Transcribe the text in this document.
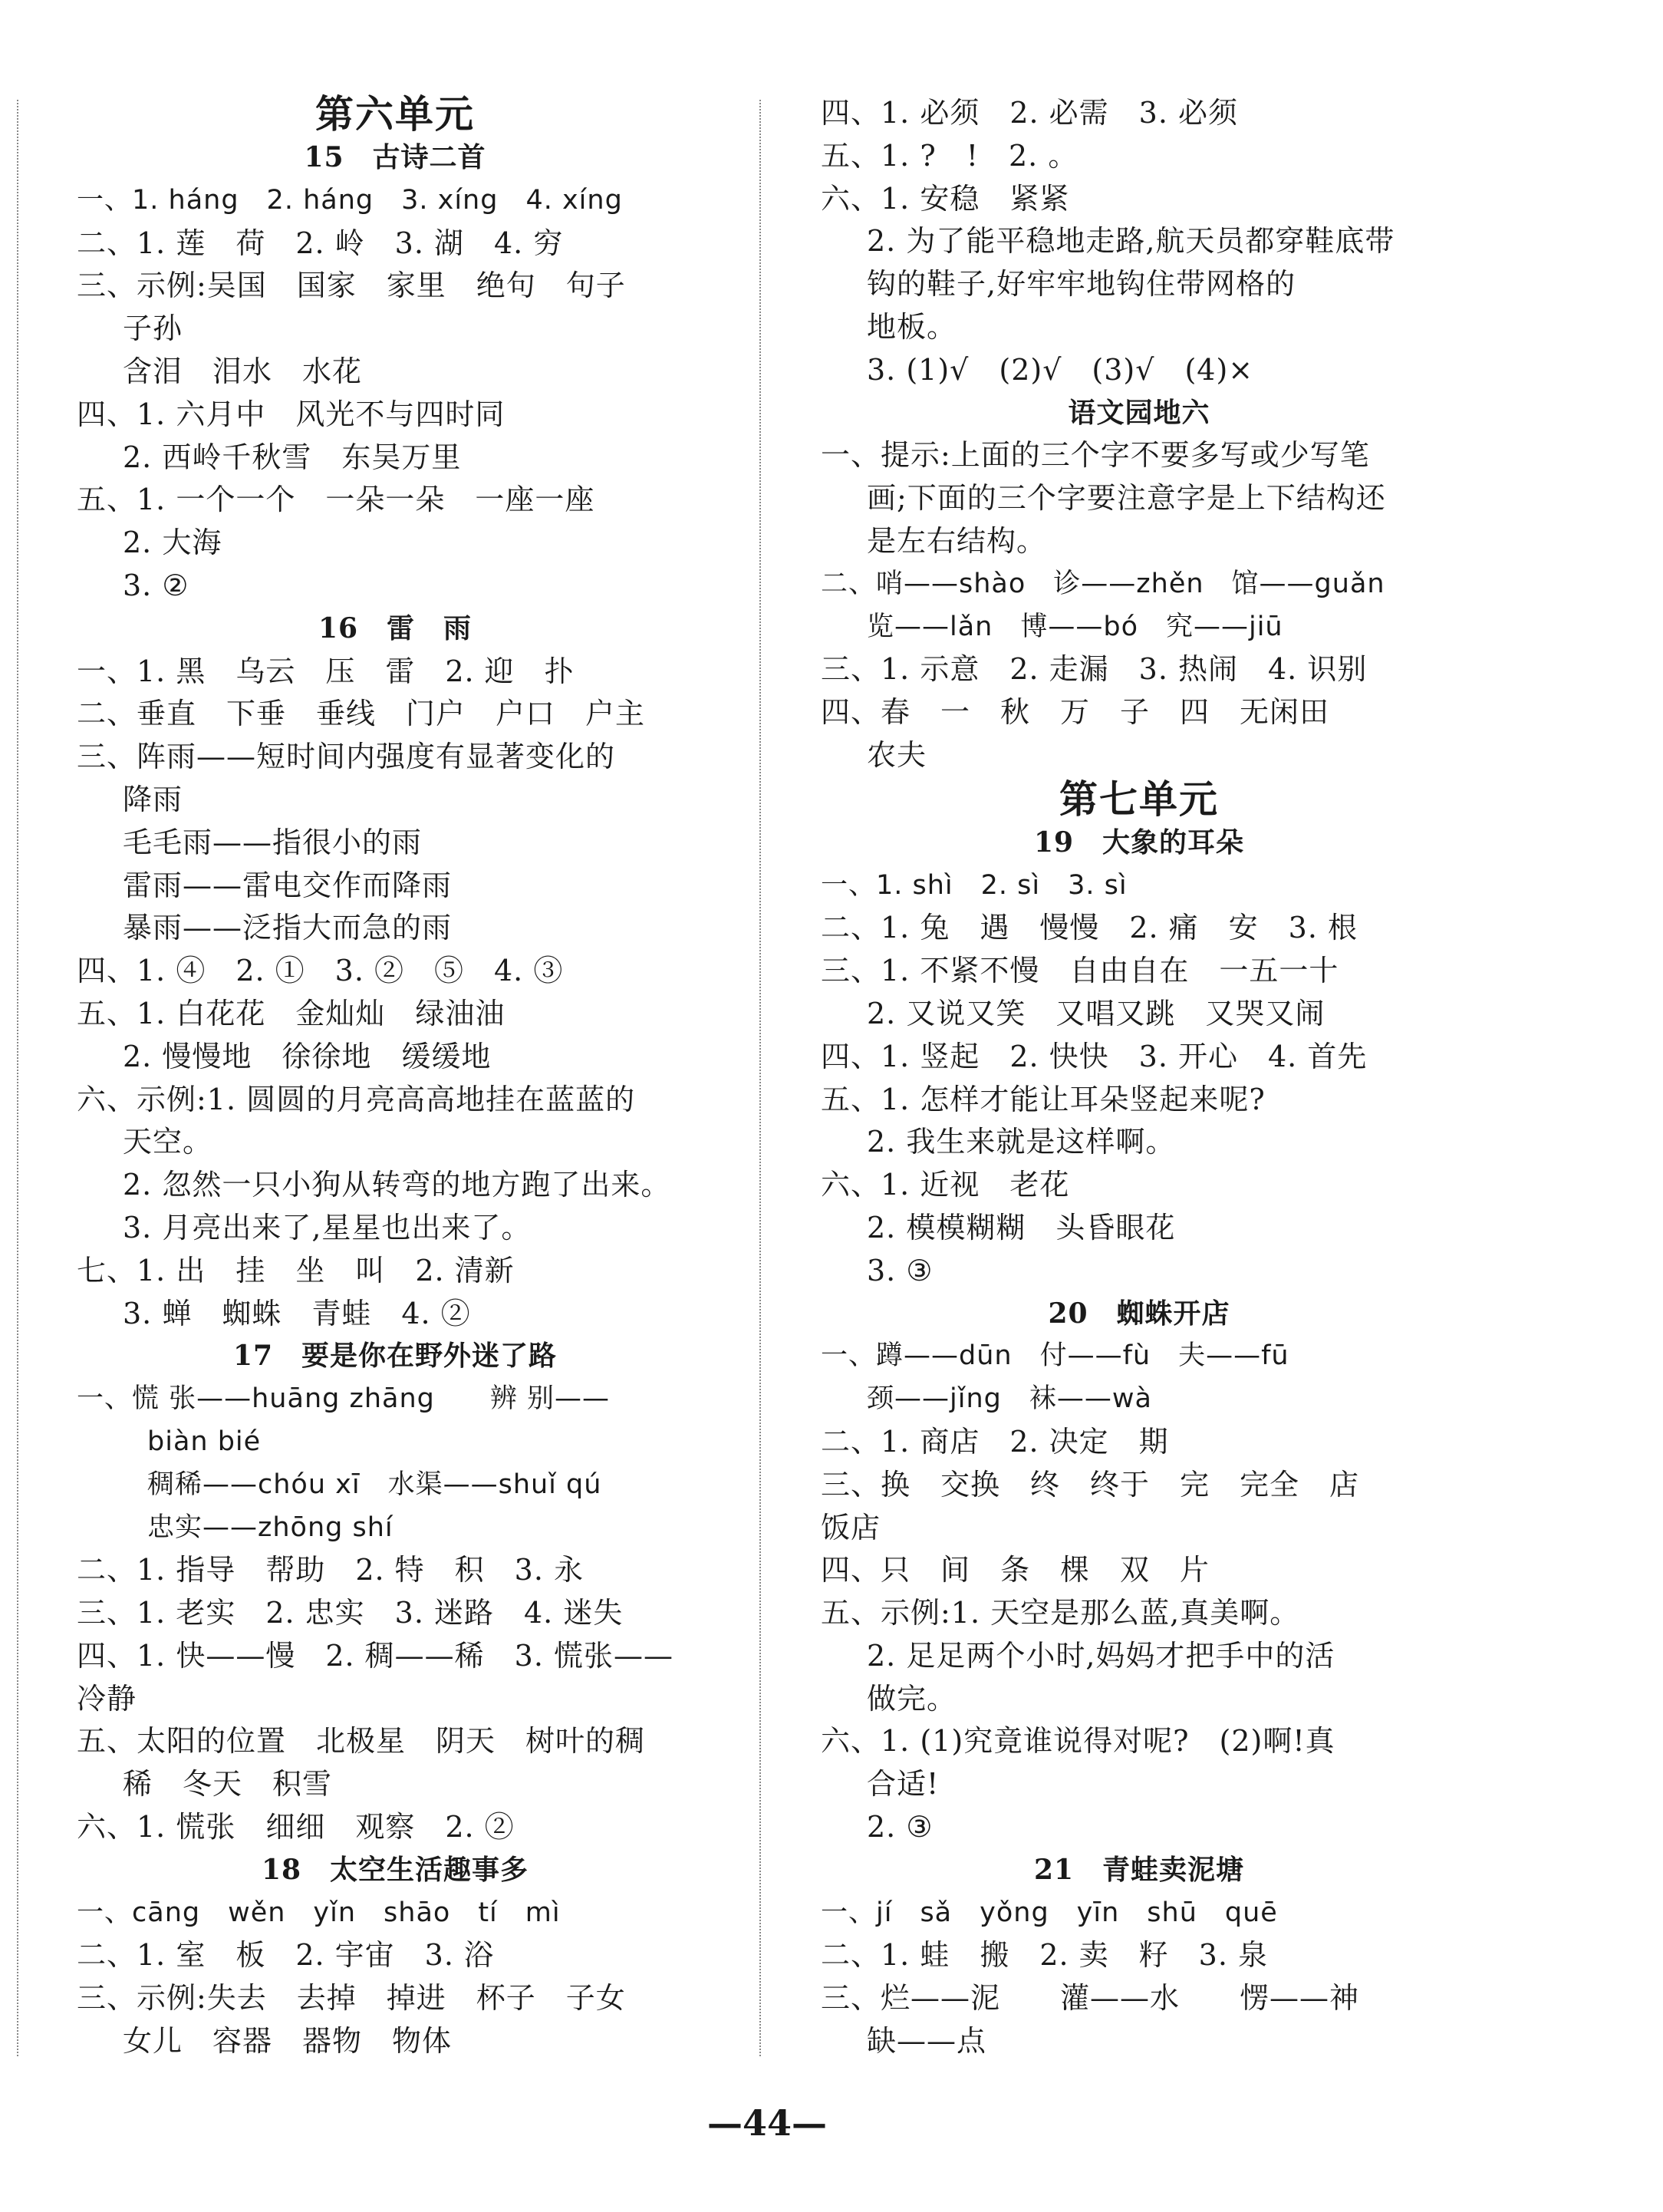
第六单元
15　古诗二首
一、1. háng　2. háng　3. xíng　4. xíng
二、1. 莲　荷　2. 岭　3. 湖　4. 穷
三、示例:吴国　国家　家里　绝句　句子
子孙
含泪　泪水　水花
四、1. 六月中　风光不与四时同
2. 西岭千秋雪　东吴万里
五、1. 一个一个　一朵一朵　一座一座
2. 大海
3. ②
16　雷　雨
一、1. 黑　乌云　压　雷　2. 迎　扑
二、垂直　下垂　垂线　门户　户口　户主
三、阵雨——短时间内强度有显著变化的
降雨
毛毛雨——指很小的雨
雷雨——雷电交作而降雨
暴雨——泛指大而急的雨
四、1. ④　2. ①　3. ②　⑤　4. ③
五、1. 白花花　金灿灿　绿油油
2. 慢慢地　徐徐地　缓缓地
六、示例:1. 圆圆的月亮高高地挂在蓝蓝的
天空。
2. 忽然一只小狗从转弯的地方跑了出来。
3. 月亮出来了,星星也出来了。
七、1. 出　挂　坐　叫　2. 清新
3. 蝉　蜘蛛　青蛙　4. ②
17　要是你在野外迷了路
一、慌 张——huāng zhāng　　辨 别——
biàn bié
稠稀——chóu xī　水渠——shuǐ qú
忠实——zhōng shí
二、1. 指导　帮助　2. 特　积　3. 永
三、1. 老实　2. 忠实　3. 迷路　4. 迷失
四、1. 快——慢　2. 稠——稀　3. 慌张——
冷静
五、太阳的位置　北极星　阴天　树叶的稠
稀　冬天　积雪
六、1. 慌张　细细　观察　2. ②
18　太空生活趣事多
一、cāng　wěn　yǐn　shāo　tí　mì
二、1. 室　板　2. 宇宙　3. 浴
三、示例:失去　去掉　掉进　杯子　子女
女儿　容器　器物　物体
四、1. 必须　2. 必需　3. 必须
五、1. ?　!　2. 。
六、1. 安稳　紧紧
2. 为了能平稳地走路,航天员都穿鞋底带
钩的鞋子,好牢牢地钩住带网格的
地板。
3. (1)√　(2)√　(3)√　(4)×
语文园地六
一、提示:上面的三个字不要多写或少写笔
画;下面的三个字要注意字是上下结构还
是左右结构。
二、哨——shào　诊——zhěn　馆——guǎn
览——lǎn　博——bó　究——jiū
三、1. 示意　2. 走漏　3. 热闹　4. 识别
四、春　一　秋　万　子　四　无闲田
农夫
第七单元
19　大象的耳朵
一、1. shì　2. sì　3. sì
二、1. 兔　遇　慢慢　2. 痛　安　3. 根
三、1. 不紧不慢　自由自在　一五一十
2. 又说又笑　又唱又跳　又哭又闹
四、1. 竖起　2. 快快　3. 开心　4. 首先
五、1. 怎样才能让耳朵竖起来呢?
2. 我生来就是这样啊。
六、1. 近视　老花
2. 模模糊糊　头昏眼花
3. ③
20　蜘蛛开店
一、蹲——dūn　付——fù　夫——fū
颈——jǐng　袜——wà
二、1. 商店　2. 决定　期
三、换　交换　终　终于　完　完全　店
饭店
四、只　间　条　棵　双　片
五、示例:1. 天空是那么蓝,真美啊。
2. 足足两个小时,妈妈才把手中的活
做完。
六、1. (1)究竟谁说得对呢?　(2)啊!真
合适!
2. ③
21　青蛙卖泥塘
一、jí　sǎ　yǒng　yīn　shū　quē
二、1. 蛙　搬　2. 卖　籽　3. 泉
三、烂——泥　　灌——水　　愣——神
缺——点
—44—
